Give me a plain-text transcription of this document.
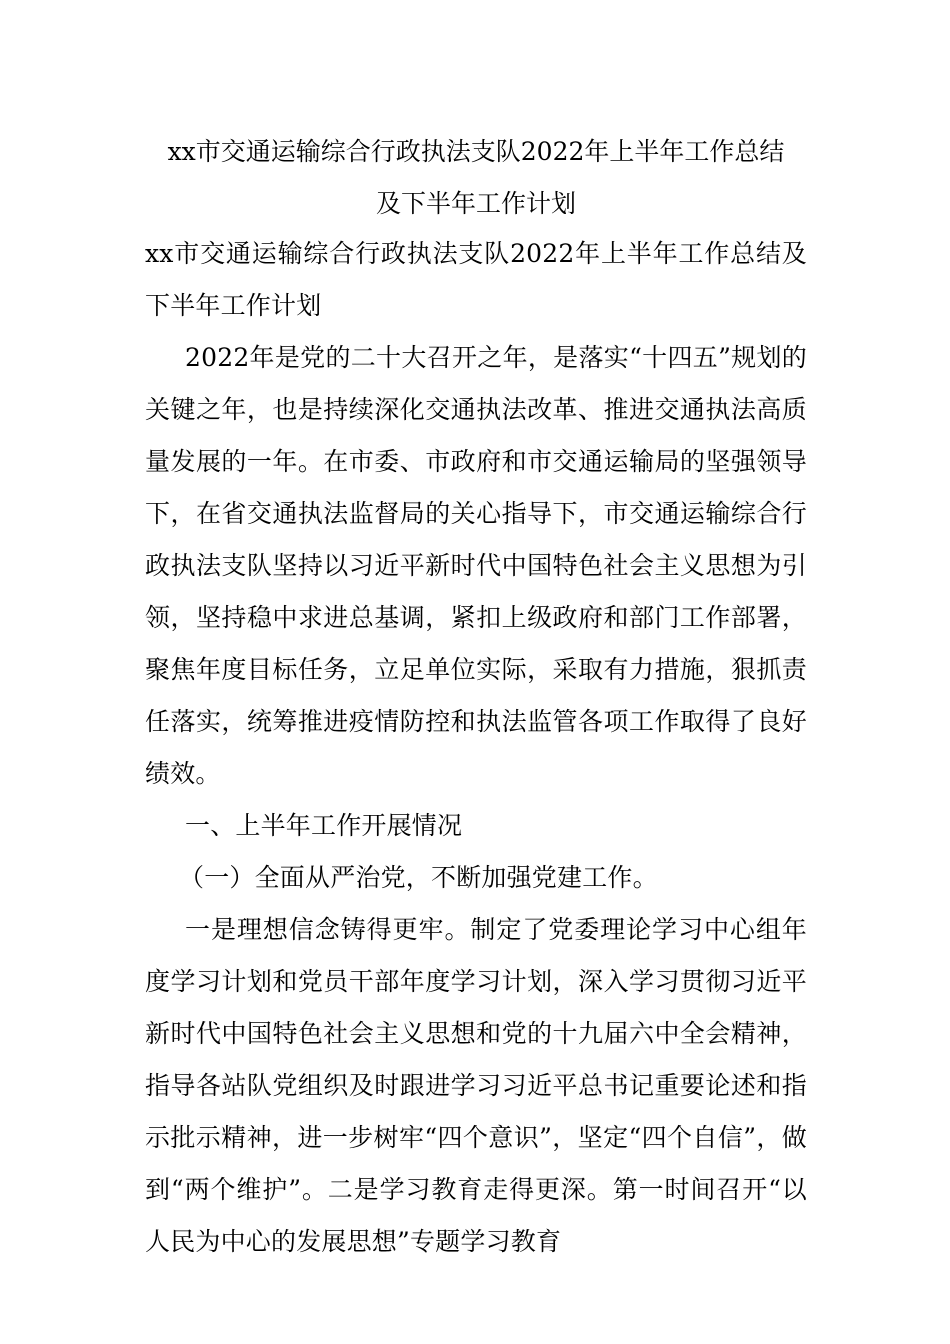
xx市交通运输综合行政执法支队2022年上半年工作总结
及下半年工作计划

xx市交通运输综合行政执法支队2022年上半年工作总结及下半年工作计划

2022年是党的二十大召开之年，是落实“十四五”规划的关键之年，也是持续深化交通执法改革、推进交通执法高质量发展的一年。在市委、市政府和市交通运输局的坚强领导下，在省交通执法监督局的关心指导下，市交通运输综合行政执法支队坚持以习近平新时代中国特色社会主义思想为引领，坚持稳中求进总基调，紧扣上级政府和部门工作部署，聚焦年度目标任务，立足单位实际，采取有力措施，狠抓责任落实，统筹推进疫情防控和执法监管各项工作取得了良好绩效。

一、上半年工作开展情况

（一）全面从严治党，不断加强党建工作。

一是理想信念铸得更牢。制定了党委理论学习中心组年度学习计划和党员干部年度学习计划，深入学习贯彻习近平新时代中国特色社会主义思想和党的十九届六中全会精神，指导各站队党组织及时跟进学习习近平总书记重要论述和指示批示精神，进一步树牢“四个意识”，坚定“四个自信”，做到“两个维护”。二是学习教育走得更深。第一时间召开“以人民为中心的发展思想”专题学习教育
